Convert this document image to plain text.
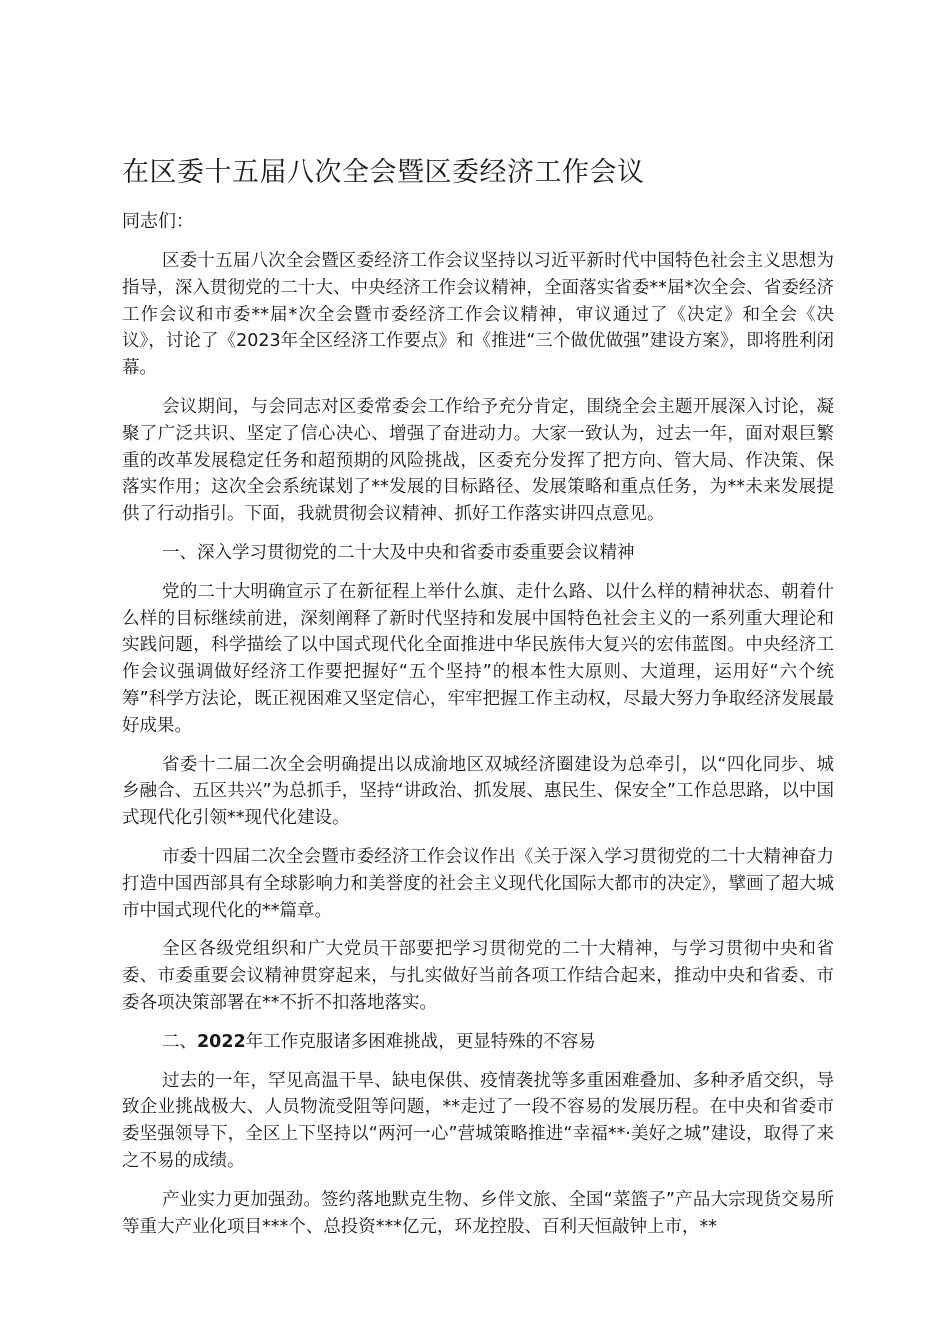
在区委十五届八次全会暨区委经济工作会议

同志们：

区委十五届八次全会暨区委经济工作会议坚持以习近平新时代中国特色社会主义思想为指导，深入贯彻党的二十大、中央经济工作会议精神，全面落实省委**届*次全会、省委经济工作会议和市委**届*次全会暨市委经济工作会议精神，审议通过了《决定》和全会《决议》，讨论了《2023年全区经济工作要点》和《推进“三个做优做强”建设方案》，即将胜利闭幕。

会议期间，与会同志对区委常委会工作给予充分肯定，围绕全会主题开展深入讨论，凝聚了广泛共识、坚定了信心决心、增强了奋进动力。大家一致认为，过去一年，面对艰巨繁重的改革发展稳定任务和超预期的风险挑战，区委充分发挥了把方向、管大局、作决策、保落实作用；这次全会系统谋划了**发展的目标路径、发展策略和重点任务，为**未来发展提供了行动指引。下面，我就贯彻会议精神、抓好工作落实讲四点意见。

一、深入学习贯彻党的二十大及中央和省委市委重要会议精神

党的二十大明确宣示了在新征程上举什么旗、走什么路、以什么样的精神状态、朝着什么样的目标继续前进，深刻阐释了新时代坚持和发展中国特色社会主义的一系列重大理论和实践问题，科学描绘了以中国式现代化全面推进中华民族伟大复兴的宏伟蓝图。中央经济工作会议强调做好经济工作要把握好“五个坚持”的根本性大原则、大道理，运用好“六个统筹”科学方法论，既正视困难又坚定信心，牢牢把握工作主动权，尽最大努力争取经济发展最好成果。

省委十二届二次全会明确提出以成渝地区双城经济圈建设为总牵引，以“四化同步、城乡融合、五区共兴”为总抓手，坚持“讲政治、抓发展、惠民生、保安全”工作总思路，以中国式现代化引领**现代化建设。

市委十四届二次全会暨市委经济工作会议作出《关于深入学习贯彻党的二十大精神奋力打造中国西部具有全球影响力和美誉度的社会主义现代化国际大都市的决定》，擘画了超大城市中国式现代化的**篇章。

全区各级党组织和广大党员干部要把学习贯彻党的二十大精神，与学习贯彻中央和省委、市委重要会议精神贯穿起来，与扎实做好当前各项工作结合起来，推动中央和省委、市委各项决策部署在**不折不扣落地落实。

二、2022年工作克服诸多困难挑战，更显特殊的不容易

过去的一年，罕见高温干旱、缺电保供、疫情袭扰等多重困难叠加、多种矛盾交织，导致企业挑战极大、人员物流受阻等问题，**走过了一段不容易的发展历程。在中央和省委市委坚强领导下，全区上下坚持以“两河一心”营城策略推进“幸福**·美好之城”建设，取得了来之不易的成绩。

产业实力更加强劲。签约落地默克生物、乡伴文旅、全国“菜篮子”产品大宗现货交易所等重大产业化项目***个、总投资***亿元，环龙控股、百利天恒敲钟上市，**
